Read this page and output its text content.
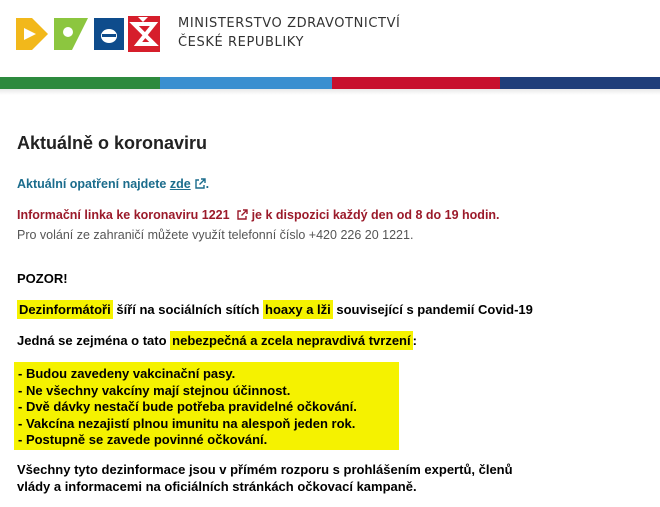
MINISTERSTVO ZDRAVOTNICTVÍ
ČESKÉ REPUBLIKY
Aktuálně o koronaviru
Aktuální opatření najdete zde .
Informační linka ke koronaviru 1221 je k dispozici každý den od 8 do 19 hodin.
Pro volání ze zahraničí můžete využít telefonní číslo +420 226 20 1221.
POZOR!
Dezinformátoři šíří na sociálních sítích hoaxy a lži související s pandemií Covid-19
Jedná se zejména o tato nebezpečná a zcela nepravdivá tvrzení :
- Budou zavedeny vakcinační pasy.
- Ne všechny vakcíny mají stejnou účinnost.
- Dvě dávky nestačí bude potřeba pravidelné očkování.
- Vakcína nezajistí plnou imunitu na alespoň jeden rok.
- Postupně se zavede povinné očkování.
Všechny tyto dezinformace jsou v přímém rozporu s prohlášením expertů, členů
vlády a informacemi na oficiálních stránkách očkovací kampaně.
